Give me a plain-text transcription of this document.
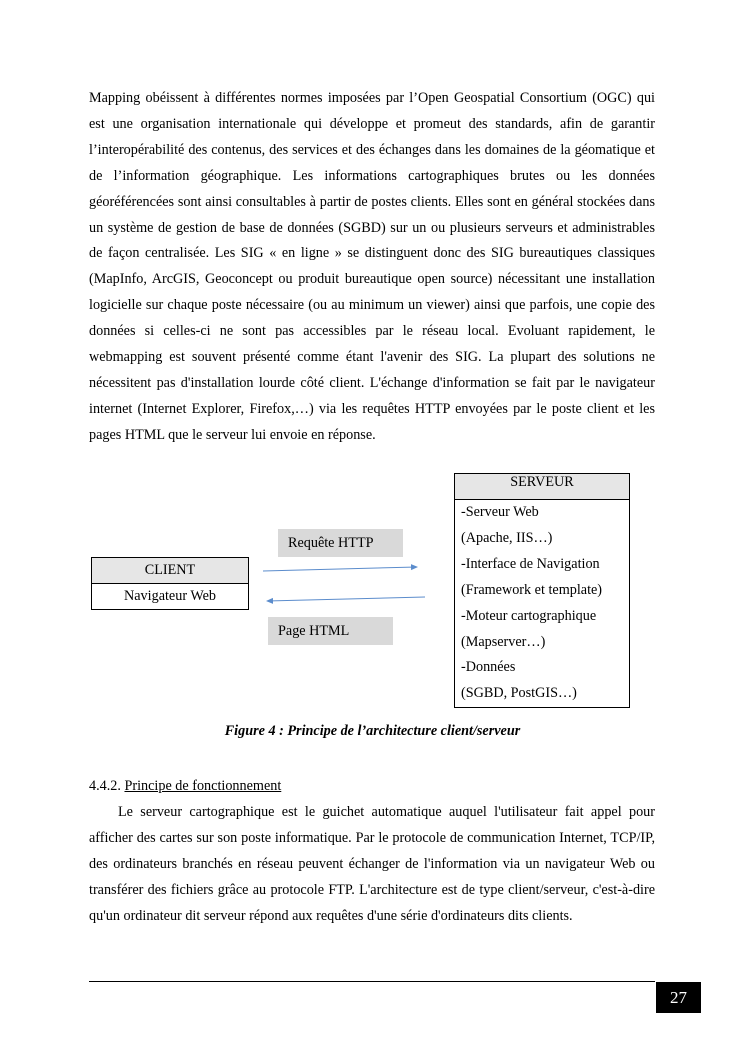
Mapping obéissent à différentes normes imposées par l’Open Geospatial Consortium (OGC) qui est une organisation internationale qui développe et promeut des standards, afin de garantir l’interopérabilité des contenus, des services et des échanges dans les domaines de la géomatique et de l’information géographique. Les informations cartographiques brutes ou les données géoréférencées sont ainsi consultables à partir de postes clients. Elles sont en général stockées dans un système de gestion de base de données (SGBD) sur un ou plusieurs serveurs et administrables de façon centralisée. Les SIG « en ligne » se distinguent donc des SIG bureautiques classiques (MapInfo, ArcGIS, Geoconcept ou produit bureautique open source) nécessitant une installation logicielle sur chaque poste nécessaire (ou au minimum un viewer) ainsi que parfois, une copie des données si celles-ci ne sont pas accessibles par le réseau local. Evoluant rapidement, le webmapping est souvent présenté comme étant l'avenir des SIG. La plupart des solutions ne nécessitent pas d'installation lourde côté client. L'échange d'information se fait par le navigateur internet (Internet Explorer, Firefox,…) via les requêtes HTTP envoyées par le poste client et les pages HTML que le serveur lui envoie en réponse.

Requête HTTP
CLIENT
Navigateur Web
Page HTML
SERVEUR
-Serveur Web
(Apache, IIS…)
-Interface de Navigation
(Framework et template)
-Moteur cartographique
(Mapserver…)
-Données
(SGBD, PostGIS…)
Figure 4 : Principe de l’architecture client/serveur
4.4.2. Principe de fonctionnement

Le serveur cartographique est le guichet automatique auquel l'utilisateur fait appel pour afficher des cartes sur son poste informatique. Par le protocole de communication Internet, TCP/IP, des ordinateurs branchés en réseau peuvent échanger de l'information via un navigateur Web ou transférer des fichiers grâce au protocole FTP. L'architecture est de type client/serveur, c'est-à-dire qu'un ordinateur dit serveur répond aux requêtes d'une série d'ordinateurs dits clients.

27
